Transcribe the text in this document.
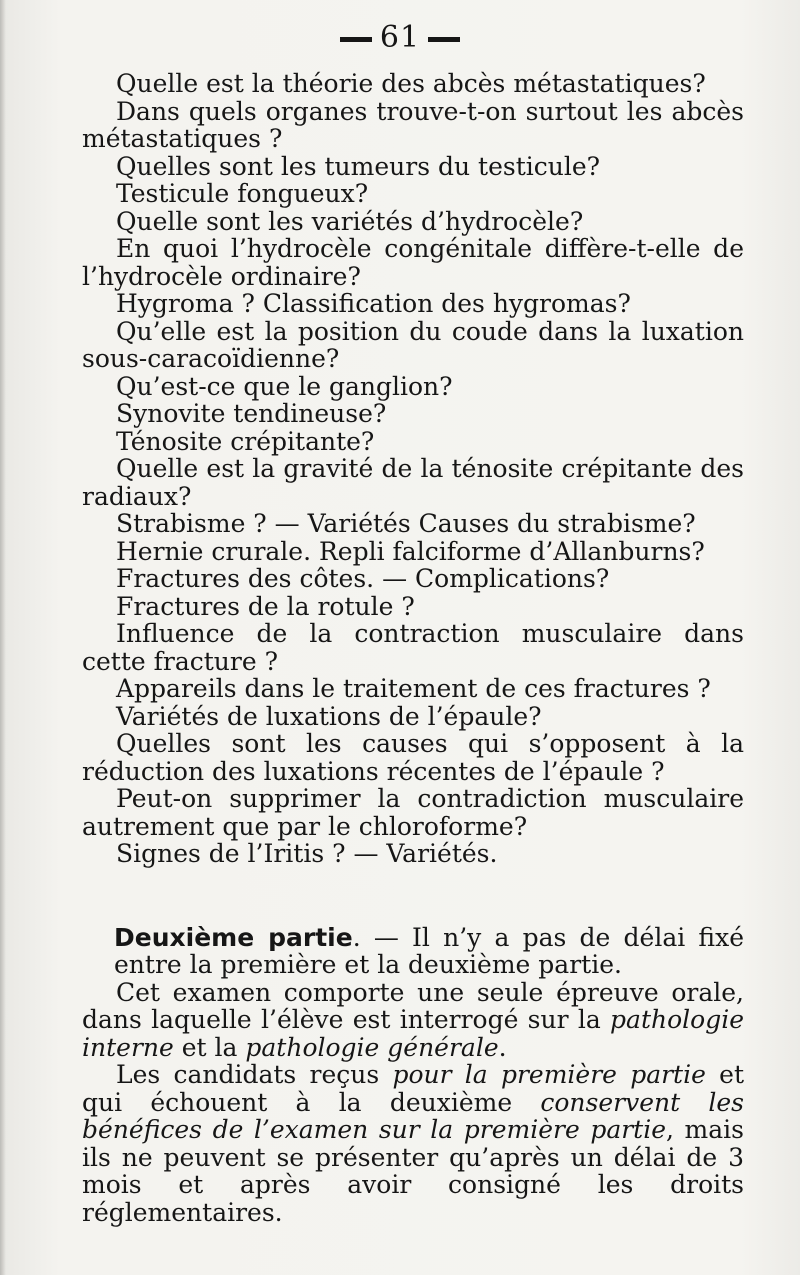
61

Quelle est la théorie des abcès métastatiques?

Dans quels organes trouve-t-on surtout les abcès métastatiques ?

Quelles sont les tumeurs du testicule?

Testicule fongueux?

Quelle sont les variétés d’hydrocèle?

En quoi l’hydrocèle congénitale diffère-t-elle de l’hydrocèle ordinaire?

Hygroma ? Classification des hygromas?

Qu’elle est la position du coude dans la luxation sous-caracoïdienne?

Qu’est-ce que le ganglion?

Synovite tendineuse?

Ténosite crépitante?

Quelle est la gravité de la ténosite crépitante des radiaux?

Strabisme ? — Variétés Causes du strabisme?

Hernie crurale. Repli falciforme d’Allanburns?

Fractures des côtes. — Complications?

Fractures de la rotule ?

Influence de la contraction musculaire dans cette fracture ?

Appareils dans le traitement de ces fractures ?

Variétés de luxations de l’épaule?

Quelles sont les causes qui s’opposent à la réduction des luxations récentes de l’épaule ?

Peut-on supprimer la contradiction musculaire autrement que par le chloroforme?

Signes de l’Iritis ? — Variétés.

Deuxième partie. — Il n’y a pas de délai fixé entre la première et la deuxième partie.

Cet examen comporte une seule épreuve orale, dans laquelle l’élève est interrogé sur la pathologie interne et la pathologie générale.

Les candidats reçus pour la première partie et qui échouent à la deuxième conservent les bénéfices de l’examen sur la première partie, mais ils ne peuvent se présenter qu’après un délai de 3 mois et après avoir consigné les droits réglementaires.
